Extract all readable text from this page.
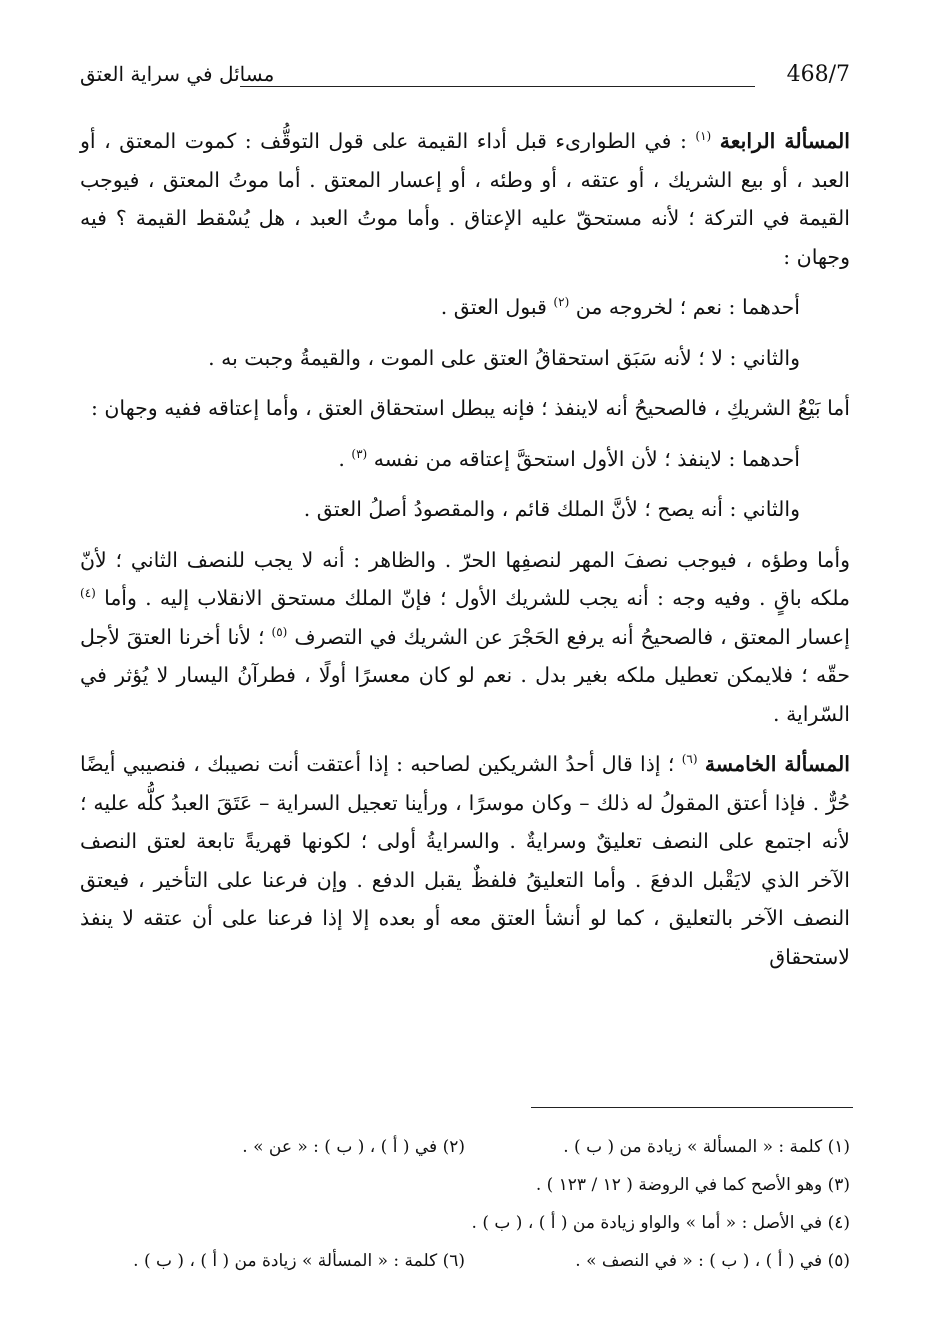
468/7
مسائل في سراية العتق

المسألة الرابعة $^{(١)}$ : في الطوارىء قبل أداء القيمة على قول التوقُّف : كموت المعتق ، أو العبد ، أو بيع الشريك ، أو عتقه ، أو وطئه ، أو إعسار المعتق . أما موتُ المعتق ، فيوجب القيمة في التركة ؛ لأنه مستحقّ عليه الإعتاق . وأما موتُ العبد ، هل يُسْقط القيمة ؟ فيه وجهان :

أحدهما : نعم ؛ لخروجه من $^{(٢)}$ قبول العتق .

والثاني : لا ؛ لأنه سَبَق استحقاقُ العتق على الموت ، والقيمةُ وجبت به .

أما بَيْعُ الشريكِ ، فالصحيحُ أنه لاينفذ ؛ فإنه يبطل استحقاق العتق ، وأما إعتاقه ففيه وجهان :

أحدهما : لاينفذ ؛ لأن الأول استحقَّ إعتاقه من نفسه $^{(٣)}$ .

والثاني : أنه يصح ؛ لأنَّ الملك قائم ، والمقصودُ أصلُ العتق .

وأما وطؤه ، فيوجب نصفَ المهر لنصفِها الحرّ . والظاهر : أنه لا يجب للنصف الثاني ؛ لأنّ ملكه باقٍ . وفيه وجه : أنه يجب للشريك الأول ؛ فإنّ الملك مستحق الانقلاب إليه . وأما $^{(٤)}$ إعسار المعتق ، فالصحيحُ أنه يرفع الحَجْرَ عن الشريك في التصرف $^{(٥)}$ ؛ لأنا أخرنا العتقَ لأجل حقّه ؛ فلايمكن تعطيل ملكه بغير بدل . نعم لو كان معسرًا أولًا ، فطرآنُ اليسار لا يُؤثر في السّراية .

المسألة الخامسة $^{(٦)}$ ؛ إذا قال أحدُ الشريكين لصاحبه : إذا أعتقت أنت نصيبك ، فنصيبي أيضًا حُرٌّ . فإذا أعتق المقولُ له ذلك – وكان موسرًا ، ورأينا تعجيل السراية – عَتَقَ العبدُ كلُّه عليه ؛ لأنه اجتمع على النصف تعليقٌ وسرايةٌ . والسرايةُ أولى ؛ لكونها قهريةً تابعة لعتق النصف الآخر الذي لايَقْبل الدفعَ . وأما التعليقُ فلفظٌ يقبل الدفع . وإن فرعنا على التأخير ، فيعتق النصف الآخر بالتعليق ، كما لو أنشأ العتق معه أو بعده إلا إذا فرعنا على أن عتقه لا ينفذ لاستحقاق

(١) كلمة : « المسألة » زيادة من ( ب ) .
(٢) في ( أ ) ، ( ب ) : « عن » .
(٣) وهو الأصح كما في الروضة ( ١٢ / ١٢٣ ) .
(٤) في الأصل : « أما » والواو زيادة من ( أ ) ، ( ب ) .
(٥) في ( أ ) ، ( ب ) : « في النصف » .
(٦) كلمة : « المسألة » زيادة من ( أ ) ، ( ب ) .
